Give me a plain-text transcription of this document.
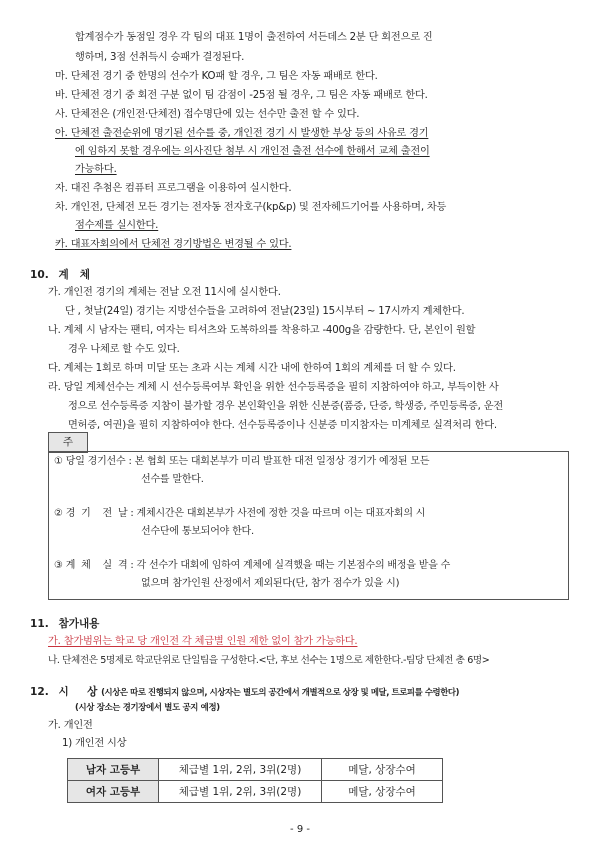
합계점수가 동점일 경우 각 팀의 대표 1명이 출전하여 서든데스 2분 단 회전으로 진
행하며, 3점 선취득시 승패가 결정된다.
마. 단체전 경기 중 한명의 선수가 KO패 할 경우, 그 팀은 자동 패배로 한다.
바. 단체전 경기 중 회전 구분 없이 팀 감점이 -25점 될 경우, 그 팀은 자동 패배로 한다.
사. 단체전은 (개인전·단체전) 접수명단에 있는 선수만 출전 할 수 있다.
아. 단체전 출전순위에 명기된 선수를 중, 개인전 경기 시 발생한 부상 등의 사유로 경기
에 임하지 못할 경우에는 의사진단 첨부 시 개인전 출전 선수에 한해서 교체 출전이
가능하다.
자. 대진 추첨은 컴퓨터 프로그램을 이용하여 실시한다.
차. 개인전, 단체전 모든 경기는 전자동 전자호구(kp&p) 및 전자헤드기어를 사용하며, 차등
점수제를 실시한다.
카. 대표자회의에서 단체전 경기방법은 변경될 수 있다.
10. 계   체
가. 개인전 경기의 계체는 전날 오전 11시에 실시한다.
단 , 첫날(24일) 경기는 지방선수들을 고려하여 전날(23일) 15시부터 ~ 17시까지 계체한다.
나. 계체 시 남자는 팬티, 여자는 티셔츠와 도복하의를 착용하고 -400g을 감량한다. 단, 본인이 원할
경우 나체로 할 수도 있다.
다. 계체는 1회로 하며 미달 또는 초과 시는 계체 시간 내에 한하여 1회의 계체를 더 할 수 있다.
라. 당일 계체선수는 계체 시 선수등록여부 확인을 위한 선수등록증을 필히 지참하여야 하고, 부득이한 사
정으로 선수등록증 지참이 불가할 경우 본인확인을 위한 신분증(품증, 단증, 학생증, 주민등록증, 운전
면허증, 여권)을 필히 지참하여야 한다. 선수등록증이나 신분증 미지참자는 미계체로 실격처리 한다.
주
① 당일 경기선수 : 본 협회 또는 대회본부가 미리 발표한 대전 일정상 경기가 예정된 모든
선수를 말한다.
② 경  기    전  날 : 계체시간은 대회본부가 사전에 정한 것을 따르며 이는 대표자회의 시
선수단에 통보되어야 한다.
③ 계  체    실  격 : 각 선수가 대회에 임하여 계체에 실격했을 때는 기본점수의 배정을 받을 수
없으며 참가인원 산정에서 제외된다(단, 참가 점수가 있을 시)
11. 참가내용
가. 참가범위는 학교 당 개인전 각 체급별 인원 제한 없이 참가 가능하다.
나. 단체전은 5명제로 학교단위로 단일팀을 구성한다.<단, 후보 선수는 1명으로 제한한다.-팀당 단체전 총 6명>
12. 시     상 (시상은 따로 진행되지 않으며, 시상자는 별도의 공간에서 개별적으로 상장 및 메달, 트로피를 수령한다)
(시상 장소는 경기장에서 별도 공지 예정)
가. 개인전
1) 개인전 시상
남자 고등부	체급별 1위, 2위, 3위(2명)	메달, 상장수여
여자 고등부	체급별 1위, 2위, 3위(2명)	메달, 상장수여
- 9 -
